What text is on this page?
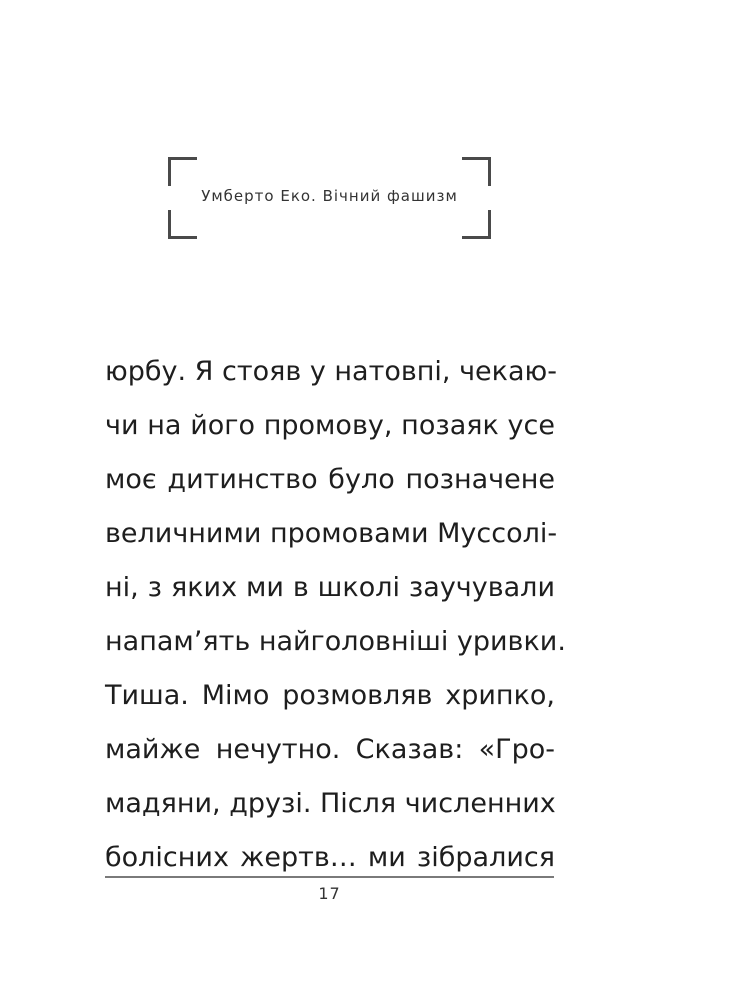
Умберто Еко. Вічний фашизм
юрбу. Я стояв у натовпі, чекаю-
чи на його промову, позаяк усе
моє дитинство було позначене
величними промовами Муссолі-
ні, з яких ми в школі заучували
напам’ять найголовніші уривки.
Тиша. Мімо розмовляв хрипко,
майже нечутно. Сказав: «Гро-
мадяни, друзі. Після численних
болісних жертв… ми зібралися
17
